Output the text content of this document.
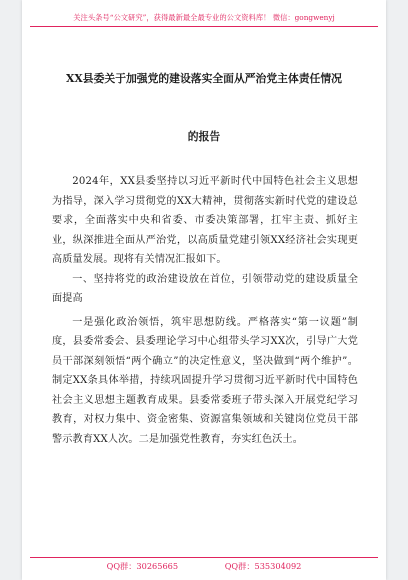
关注头条号“公文研究”，获得最新最全最专业的公文资料库！ 微信：gongwenyj
XX县委关于加强党的建设落实全面从严治党主体责任情况
的报告

2024年，XX县委坚持以习近平新时代中国特色社会主义思想为指导，深入学习贯彻党的XX大精神，贯彻落实新时代党的建设总要求，全面落实中央和省委、市委决策部署，扛牢主责、抓好主业，纵深推进全面从严治党，以高质量党建引领XX经济社会实现更高质量发展。现将有关情况汇报如下。

一、坚持将党的政治建设放在首位，引领带动党的建设质量全面提高

一是强化政治领悟，筑牢思想防线。严格落实“第一议题”制度，县委常委会、县委理论学习中心组带头学习XX次，引导广大党员干部深刻领悟“两个确立”的决定性意义，坚决做到“两个维护”。制定XX条具体举措，持续巩固提升学习贯彻习近平新时代中国特色社会主义思想主题教育成果。县委常委班子带头深入开展党纪学习教育，对权力集中、资金密集、资源富集领域和关键岗位党员干部警示教育XX人次。二是加强党性教育，夯实红色沃土。

QQ群：30265665	QQ群：535304092
